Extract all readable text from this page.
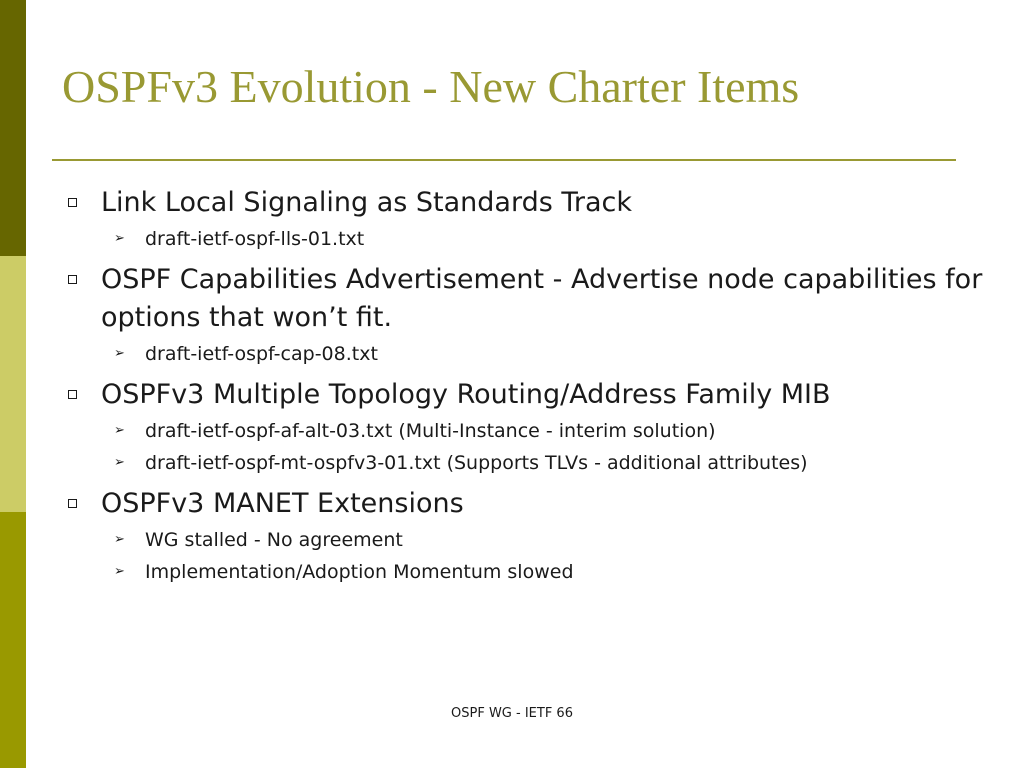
OSPFv3 Evolution - New Charter Items
Link Local Signaling as Standards Track
➢ draft-ietf-ospf-lls-01.txt
OSPF Capabilities Advertisement - Advertise node capabilities for options that won’t fit.
➢ draft-ietf-ospf-cap-08.txt
OSPFv3 Multiple Topology Routing/Address Family MIB
➢ draft-ietf-ospf-af-alt-03.txt (Multi-Instance - interim solution)
➢ draft-ietf-ospf-mt-ospfv3-01.txt (Supports TLVs - additional attributes)
OSPFv3 MANET Extensions
➢ WG stalled - No agreement
➢ Implementation/Adoption Momentum slowed
OSPF WG - IETF 66
